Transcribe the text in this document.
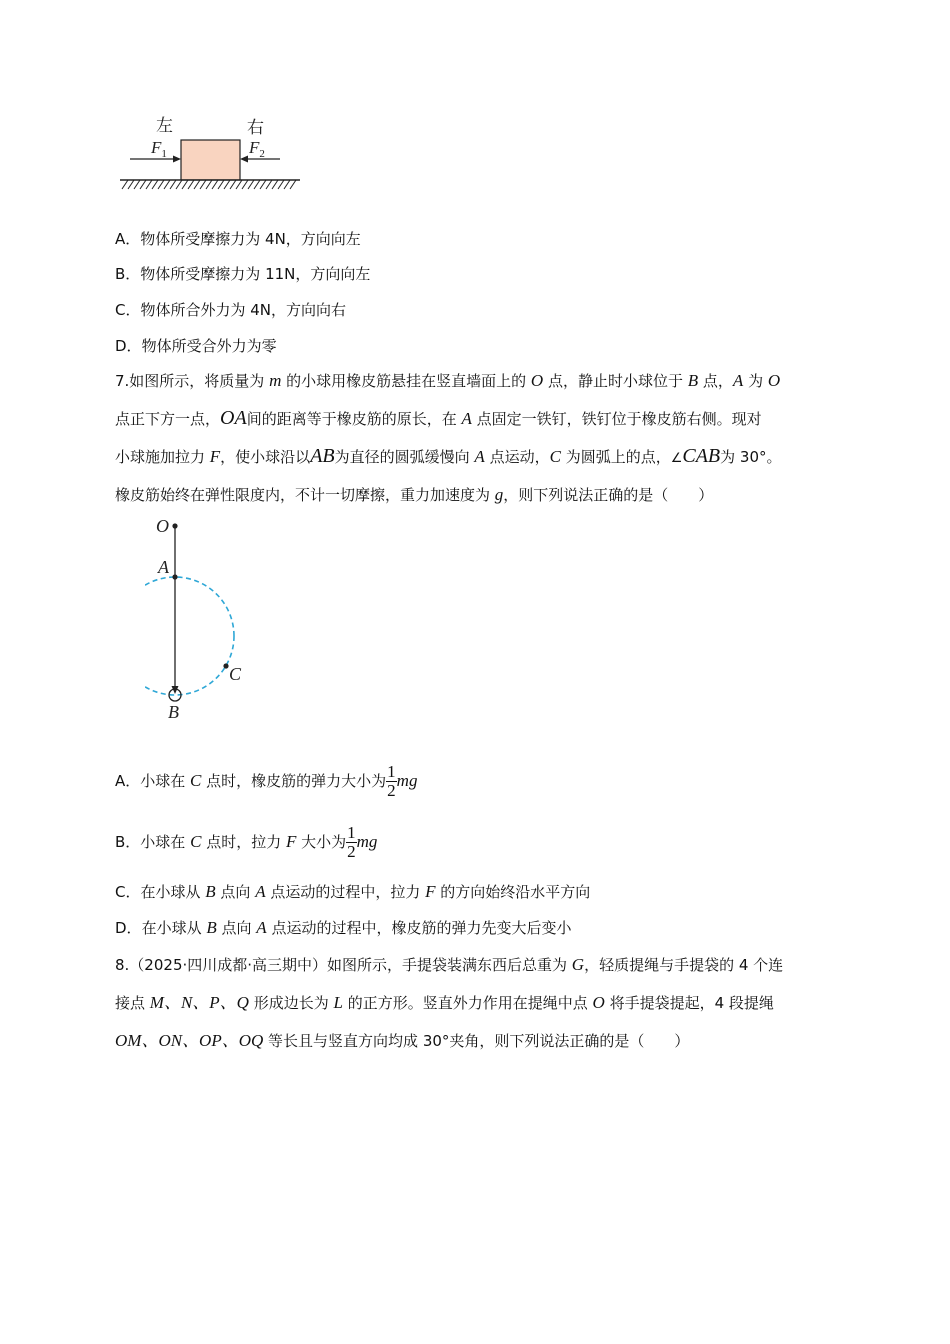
左	右
$F_1$	$F_2$
A．物体所受摩擦力为 4N，方向向左
B．物体所受摩擦力为 11N，方向向左
C．物体所合外力为 4N，方向向右
D．物体所受合外力为零
7.如图所示，将质量为 m 的小球用橡皮筋悬挂在竖直墙面上的 O 点，静止时小球位于 B 点，A 为 O
点正下方一点，OA间的距离等于橡皮筋的原长，在 A 点固定一铁钉，铁钉位于橡皮筋右侧。现对
小球施加拉力 F，使小球沿以AB为直径的圆弧缓慢向 A 点运动，C 为圆弧上的点，∠CAB为 30°。
橡皮筋始终在弹性限度内，不计一切摩擦，重力加速度为 g，则下列说法正确的是（　　）
O
A
C
B
A．小球在 C 点时，橡皮筋的弹力大小为 $\frac{1}{2}$ mg
B．小球在 C 点时，拉力 F 大小为 $\frac{1}{2}$ mg
C．在小球从 B 点向 A 点运动的过程中，拉力 F 的方向始终沿水平方向
D．在小球从 B 点向 A 点运动的过程中，橡皮筋的弹力先变大后变小
8.（2025·四川成都·高三期中）如图所示，手提袋装满东西后总重为 G，轻质提绳与手提袋的 4 个连
接点 M、N、P、Q 形成边长为 L 的正方形。竖直外力作用在提绳中点 O 将手提袋提起，4 段提绳
OM、ON、OP、OQ 等长且与竖直方向均成 30°夹角，则下列说法正确的是（　　）
